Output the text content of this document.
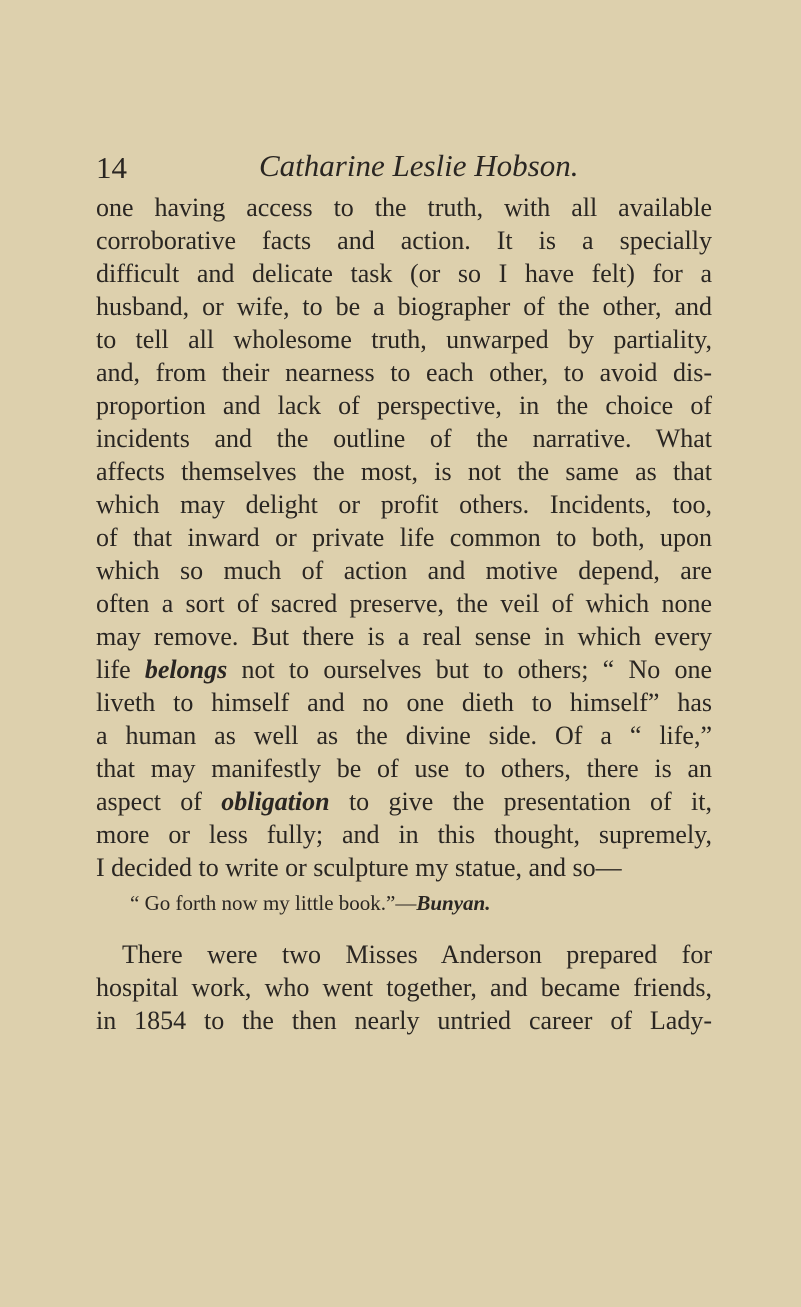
14	Catharine Leslie Hobson.
one having access to the truth, with all available
corroborative facts and action. It is a specially
difficult and delicate task (or so I have felt) for a
husband, or wife, to be a biographer of the other, and
to tell all wholesome truth, unwarped by partiality,
and, from their nearness to each other, to avoid dis-
proportion and lack of perspective, in the choice of
incidents and the outline of the narrative. What
affects themselves the most, is not the same as that
which may delight or profit others. Incidents, too,
of that inward or private life common to both, upon
which so much of action and motive depend, are
often a sort of sacred preserve, the veil of which none
may remove. But there is a real sense in which every
life belongs not to ourselves but to others; “ No one
liveth to himself and no one dieth to himself” has
a human as well as the divine side. Of a “ life,”
that may manifestly be of use to others, there is an
aspect of obligation to give the presentation of it,
more or less fully; and in this thought, supremely,
I decided to write or sculpture my statue, and so—
“ Go forth now my little book.”—Bunyan.
There were two Misses Anderson prepared for
hospital work, who went together, and became friends,
in 1854 to the then nearly untried career of Lady-
